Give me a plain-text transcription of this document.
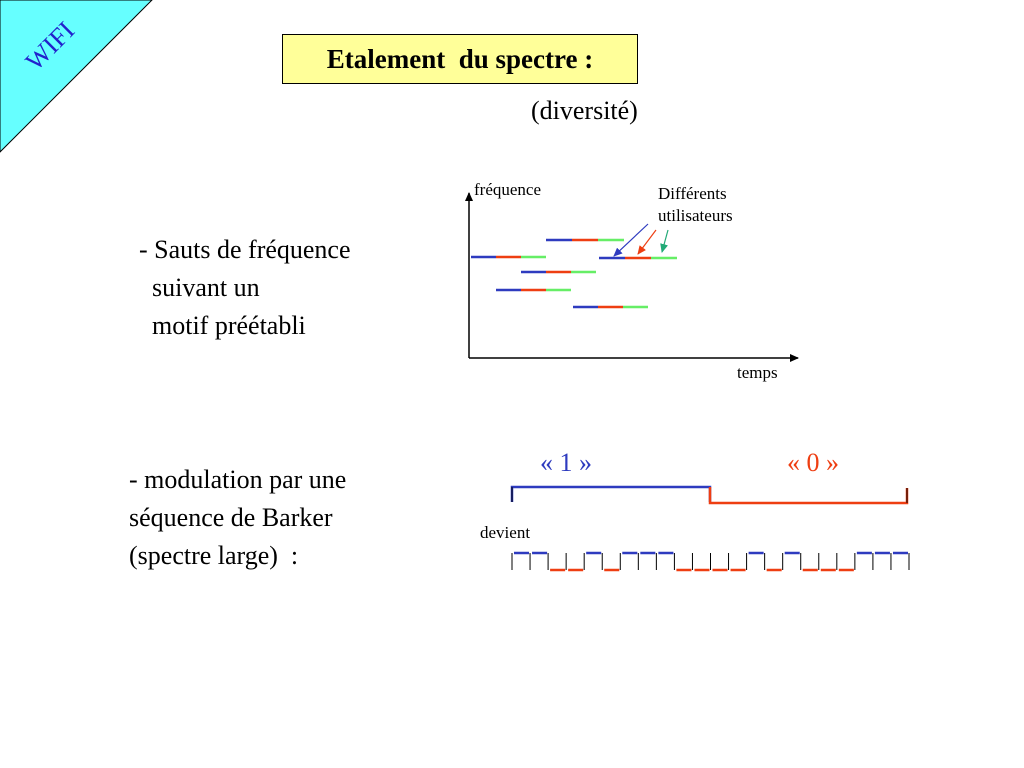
WIFI	Etalement  du spectre :
(diversité)
- Sauts de fréquence
suivant un
motif préétabli
- modulation par une
séquence de Barker
(spectre large)  :
fréquence
temps
Différents
utilisateurs
« 1 »	« 0 »
devient
